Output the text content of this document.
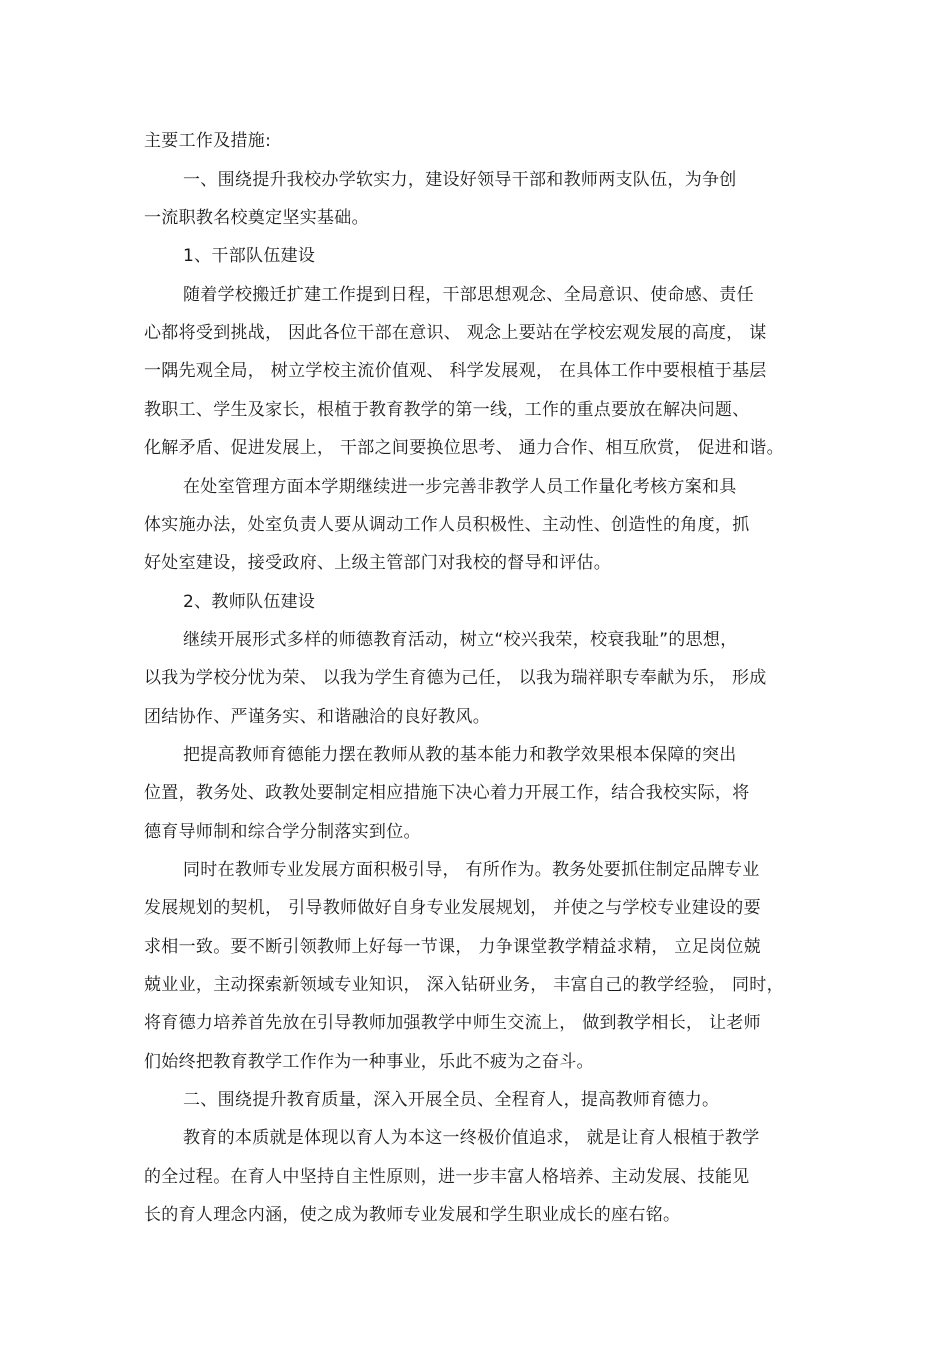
主要工作及措施:
一、围绕提升我校办学软实力，建设好领导干部和教师两支队伍，为争创
一流职教名校奠定坚实基础。
1、干部队伍建设
随着学校搬迁扩建工作提到日程，干部思想观念、全局意识、使命感、责任
心都将受到挑战， 因此各位干部在意识、 观念上要站在学校宏观发展的高度， 谋
一隅先观全局， 树立学校主流价值观、 科学发展观， 在具体工作中要根植于基层
教职工、学生及家长，根植于教育教学的第一线，工作的重点要放在解决问题、
化解矛盾、促进发展上， 干部之间要换位思考、 通力合作、相互欣赏， 促进和谐。
在处室管理方面本学期继续进一步完善非教学人员工作量化考核方案和具
体实施办法，处室负责人要从调动工作人员积极性、主动性、创造性的角度，抓
好处室建设，接受政府、上级主管部门对我校的督导和评估。
2、教师队伍建设
继续开展形式多样的师德教育活动，树立“校兴我荣，校衰我耻”的思想，
以我为学校分忧为荣、 以我为学生育德为己任， 以我为瑞祥职专奉献为乐， 形成
团结协作、严谨务实、和谐融洽的良好教风。
把提高教师育德能力摆在教师从教的基本能力和教学效果根本保障的突出
位置，教务处、政教处要制定相应措施下决心着力开展工作，结合我校实际，将
德育导师制和综合学分制落实到位。
同时在教师专业发展方面积极引导， 有所作为。教务处要抓住制定品牌专业
发展规划的契机， 引导教师做好自身专业发展规划， 并使之与学校专业建设的要
求相一致。要不断引领教师上好每一节课， 力争课堂教学精益求精， 立足岗位兢
兢业业，主动探索新领域专业知识， 深入钻研业务， 丰富自己的教学经验， 同时，
将育德力培养首先放在引导教师加强教学中师生交流上， 做到教学相长， 让老师
们始终把教育教学工作作为一种事业，乐此不疲为之奋斗。
二、围绕提升教育质量，深入开展全员、全程育人，提高教师育德力。
教育的本质就是体现以育人为本这一终极价值追求， 就是让育人根植于教学
的全过程。在育人中坚持自主性原则，进一步丰富人格培养、主动发展、技能见
长的育人理念内涵，使之成为教师专业发展和学生职业成长的座右铭。
